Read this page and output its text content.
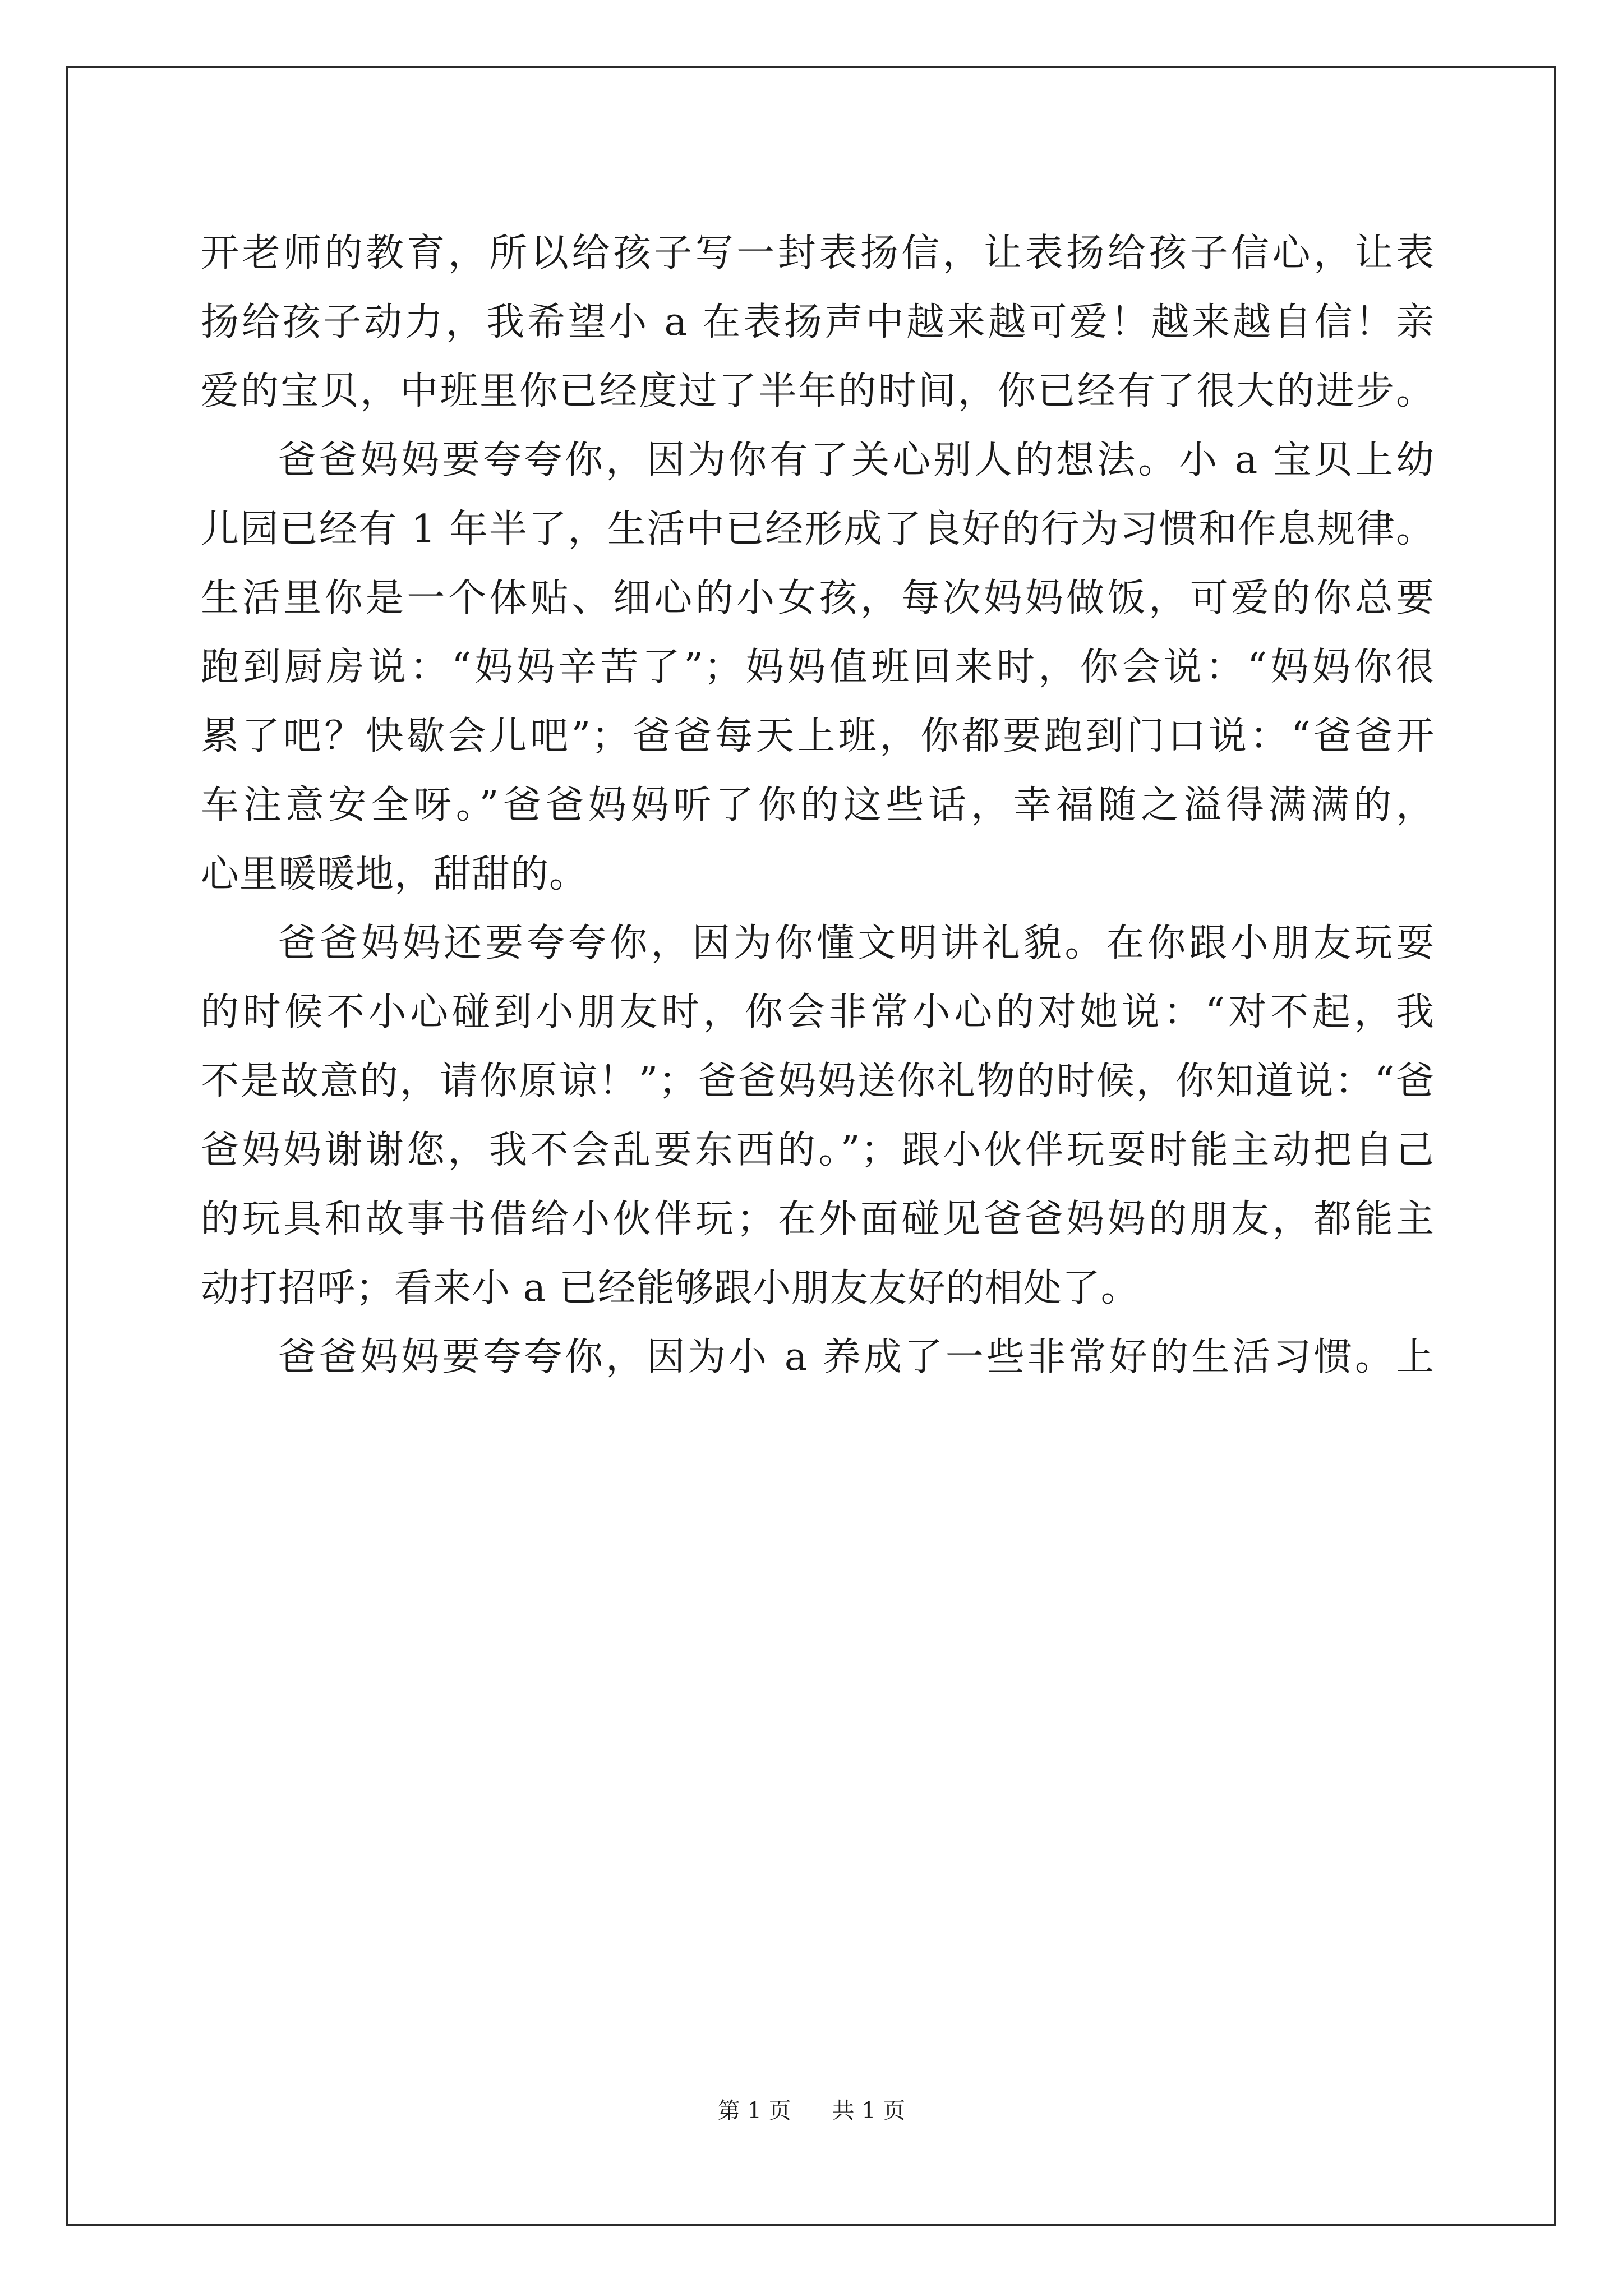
开老师的教育，所以给孩子写一封表扬信，让表扬给孩子信心，让表
扬给孩子动力，我希望小 a 在表扬声中越来越可爱！越来越自信！亲
爱的宝贝，中班里你已经度过了半年的时间，你已经有了很大的进步。
爸爸妈妈要夸夸你，因为你有了关心别人的想法。小 a 宝贝上幼
儿园已经有 1 年半了，生活中已经形成了良好的行为习惯和作息规律。
生活里你是一个体贴、细心的小女孩，每次妈妈做饭，可爱的你总要
跑到厨房说：“妈妈辛苦了”；妈妈值班回来时，你会说：“妈妈你很
累了吧？快歇会儿吧”；爸爸每天上班，你都要跑到门口说：“爸爸开
车注意安全呀。”爸爸妈妈听了你的这些话，幸福随之溢得满满的，
心里暖暖地，甜甜的。
爸爸妈妈还要夸夸你，因为你懂文明讲礼貌。在你跟小朋友玩耍
的时候不小心碰到小朋友时，你会非常小心的对她说：“对不起，我
不是故意的，请你原谅！”；爸爸妈妈送你礼物的时候，你知道说：“爸
爸妈妈谢谢您，我不会乱要东西的。”；跟小伙伴玩耍时能主动把自己
的玩具和故事书借给小伙伴玩；在外面碰见爸爸妈妈的朋友，都能主
动打招呼；看来小 a 已经能够跟小朋友友好的相处了。
爸爸妈妈要夸夸你，因为小 a 养成了一些非常好的生活习惯。上
第 1 页 共 1 页
